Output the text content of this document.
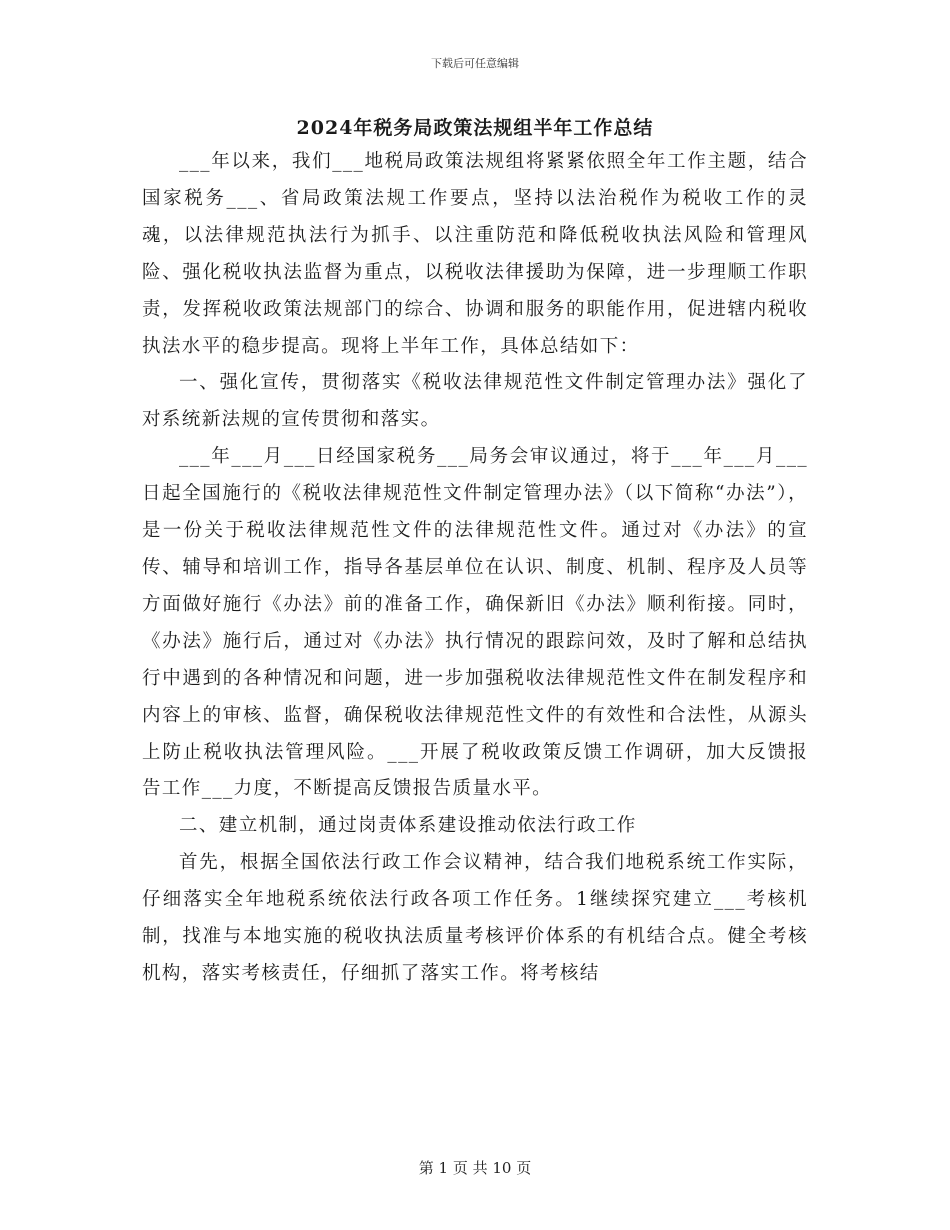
下载后可任意编辑
2024年税务局政策法规组半年工作总结

___年以来，我们___地税局政策法规组将紧紧依照全年工作主题，结合国家税务___、省局政策法规工作要点，坚持以法治税作为税收工作的灵魂，以法律规范执法行为抓手、以注重防范和降低税收执法风险和管理风险、强化税收执法监督为重点，以税收法律援助为保障，进一步理顺工作职责，发挥税收政策法规部门的综合、协调和服务的职能作用，促进辖内税收执法水平的稳步提高。现将上半年工作，具体总结如下：

一、强化宣传，贯彻落实《税收法律规范性文件制定管理办法》强化了对系统新法规的宣传贯彻和落实。

___年___月___日经国家税务___局务会审议通过，将于___年___月___日起全国施行的《税收法律规范性文件制定管理办法》（以下简称“办法”），是一份关于税收法律规范性文件的法律规范性文件。通过对《办法》的宣传、辅导和培训工作，指导各基层单位在认识、制度、机制、程序及人员等方面做好施行《办法》前的准备工作，确保新旧《办法》顺利衔接。同时，《办法》施行后，通过对《办法》执行情况的跟踪问效，及时了解和总结执行中遇到的各种情况和问题，进一步加强税收法律规范性文件在制发程序和内容上的审核、监督，确保税收法律规范性文件的有效性和合法性，从源头上防止税收执法管理风险。___开展了税收政策反馈工作调研，加大反馈报告工作___力度，不断提高反馈报告质量水平。

二、建立机制，通过岗责体系建设推动依法行政工作

首先，根据全国依法行政工作会议精神，结合我们地税系统工作实际，仔细落实全年地税系统依法行政各项工作任务。1继续探究建立___考核机制，找准与本地实施的税收执法质量考核评价体系的有机结合点。健全考核机构，落实考核责任，仔细抓了落实工作。将考核结

第 1 页 共 10 页
